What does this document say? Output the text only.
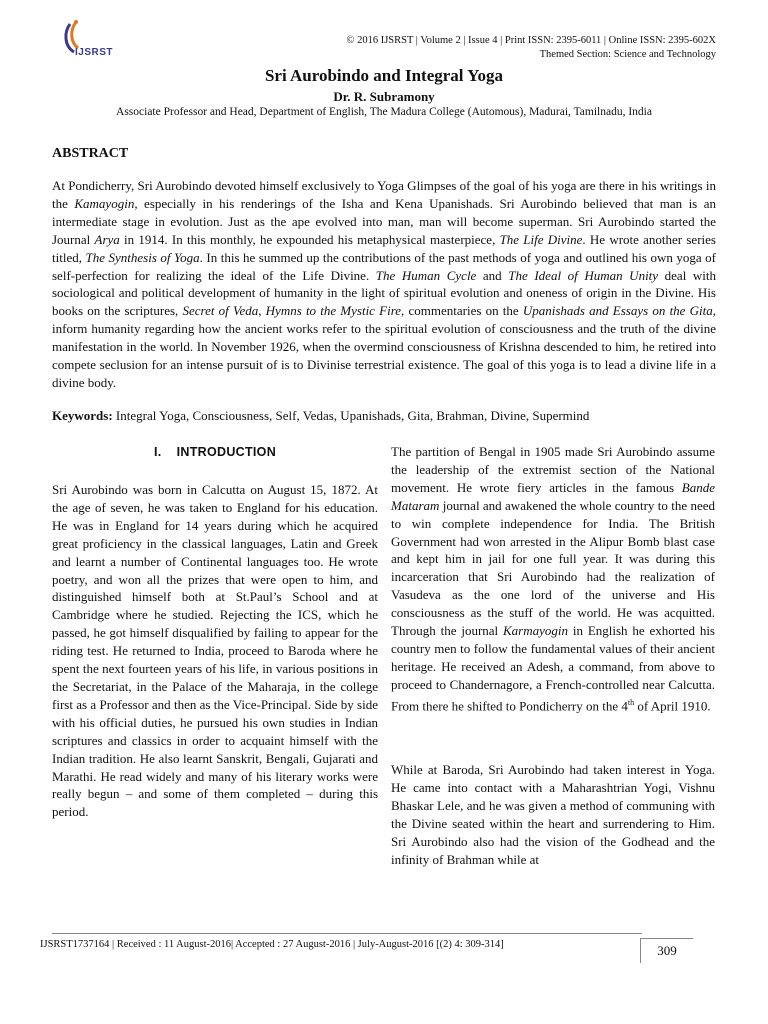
IJSRST
© 2016 IJSRST | Volume 2 | Issue 4 | Print ISSN: 2395-6011 | Online ISSN: 2395-602X
Themed Section: Science and Technology
Sri Aurobindo and Integral Yoga
Dr. R. Subramony
Associate Professor and Head, Department of English, The Madura College (Automous), Madurai, Tamilnadu, India
ABSTRACT
At Pondicherry, Sri Aurobindo devoted himself exclusively to Yoga Glimpses of the goal of his yoga are there in his writings in the Kamayogin, especially in his renderings of the Isha and Kena Upanishads. Sri Aurobindo believed that man is an intermediate stage in evolution. Just as the ape evolved into man, man will become superman. Sri Aurobindo started the Journal Arya in 1914. In this monthly, he expounded his metaphysical masterpiece, The Life Divine. He wrote another series titled, The Synthesis of Yoga. In this he summed up the contributions of the past methods of yoga and outlined his own yoga of self-perfection for realizing the ideal of the Life Divine. The Human Cycle and The Ideal of Human Unity deal with sociological and political development of humanity in the light of spiritual evolution and oneness of origin in the Divine. His books on the scriptures, Secret of Veda, Hymns to the Mystic Fire, commentaries on the Upanishads and Essays on the Gita, inform humanity regarding how the ancient works refer to the spiritual evolution of consciousness and the truth of the divine manifestation in the world. In November 1926, when the overmind consciousness of Krishna descended to him, he retired into compete seclusion for an intense pursuit of is to Divinise terrestrial existence. The goal of this yoga is to lead a divine life in a divine body.
Keywords: Integral Yoga, Consciousness, Self, Vedas, Upanishads, Gita, Brahman, Divine, Supermind
I.    INTRODUCTION
Sri Aurobindo was born in Calcutta on August 15, 1872. At the age of seven, he was taken to England for his education. He was in England for 14 years during which he acquired great proficiency in the classical languages, Latin and Greek and learnt a number of Continental languages too. He wrote poetry, and won all the prizes that were open to him, and distinguished himself both at St.Paul’s School and at Cambridge where he studied. Rejecting the ICS, which he passed, he got himself disqualified by failing to appear for the riding test. He returned to India, proceed to Baroda where he spent the next fourteen years of his life, in various positions in the Secretariat, in the Palace of the Maharaja, in the college first as a Professor and then as the Vice-Principal. Side by side with his official duties, he pursued his own studies in Indian scriptures and classics in order to acquaint himself with the Indian tradition. He also learnt Sanskrit, Bengali, Gujarati and Marathi. He read widely and many of his literary works were really begun – and some of them completed – during this period.
The partition of Bengal in 1905 made Sri Aurobindo assume the leadership of the extremist section of the National movement. He wrote fiery articles in the famous Bande Mataram journal and awakened the whole country to the need to win complete independence for India. The British Government had won arrested in the Alipur Bomb blast case and kept him in jail for one full year. It was during this incarceration that Sri Aurobindo had the realization of Vasudeva as the one lord of the universe and His consciousness as the stuff of the world. He was acquitted. Through the journal Karmayogin in English he exhorted his country men to follow the fundamental values of their ancient heritage. He received an Adesh, a command, from above to proceed to Chandernagore, a French-controlled near Calcutta. From there he shifted to Pondicherry on the 4th of April 1910.
While at Baroda, Sri Aurobindo had taken interest in Yoga. He came into contact with a Maharashtrian Yogi, Vishnu Bhaskar Lele, and he was given a method of communing with the Divine seated within the heart and surrendering to Him. Sri Aurobindo also had the vision of the Godhead and the infinity of Brahman while at
IJSRST1737164 | Received : 11 August-2016| Accepted : 27 August-2016 | July-August-2016 [(2) 4: 309-314]	309
